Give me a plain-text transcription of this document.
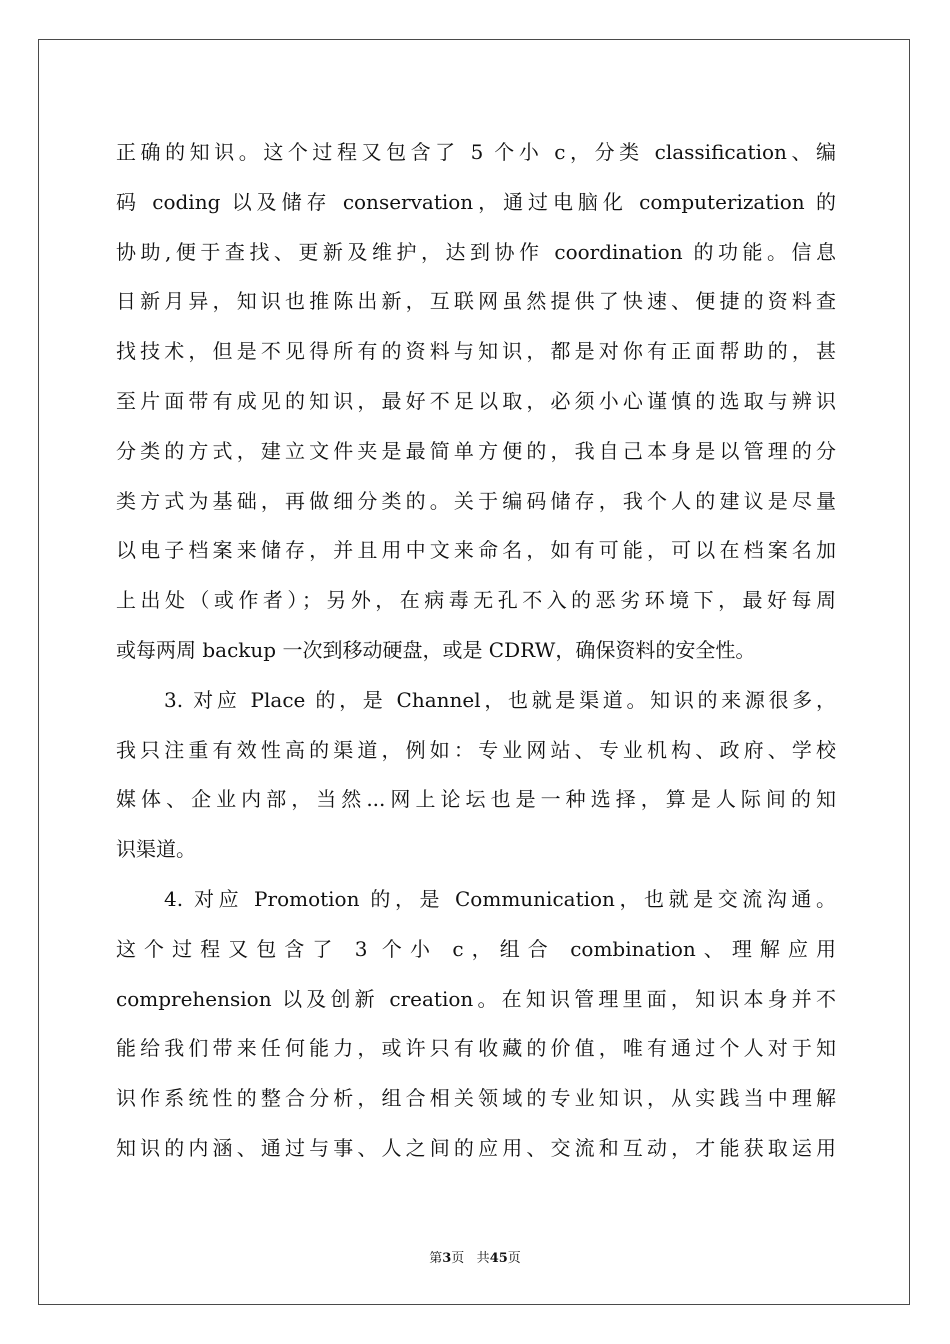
正确的知识。这个过程又包含了 5 个小 c，分类 classification、编
码 coding 以及储存 conservation，通过电脑化 computerization 的
协助,便于查找、更新及维护，达到协作 coordination 的功能。信息
日新月异，知识也推陈出新，互联网虽然提供了快速、便捷的资料查
找技术，但是不见得所有的资料与知识，都是对你有正面帮助的，甚
至片面带有成见的知识，最好不足以取，必须小心谨慎的选取与辨识
分类的方式，建立文件夹是最简单方便的，我自己本身是以管理的分
类方式为基础，再做细分类的。关于编码储存，我个人的建议是尽量
以电子档案来储存，并且用中文来命名，如有可能，可以在档案名加
上出处（或作者）；另外，在病毒无孔不入的恶劣环境下，最好每周
或每两周 backup 一次到移动硬盘，或是 CDRW，确保资料的安全性。
3. 对应 Place 的，是 Channel，也就是渠道。知识的来源很多，
我只注重有效性高的渠道，例如：专业网站、专业机构、政府、学校
媒体、企业内部，当然...网上论坛也是一种选择，算是人际间的知
识渠道。
4. 对应 Promotion 的，是 Communication，也就是交流沟通。
这个过程又包含了 3 个小 c，组合 combination、理解应用
comprehension 以及创新 creation。在知识管理里面，知识本身并不
能给我们带来任何能力，或许只有收藏的价值，唯有通过个人对于知
识作系统性的整合分析，组合相关领域的专业知识，从实践当中理解
知识的内涵、通过与事、人之间的应用、交流和互动，才能获取运用
第3页 共45页
